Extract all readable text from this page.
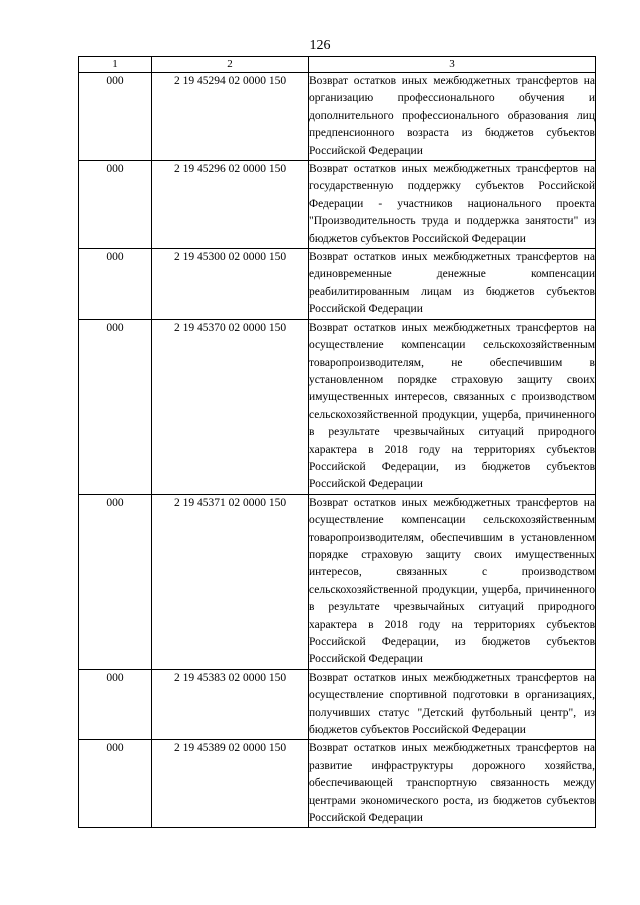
126
1	2	3
000	2 19 45294 02 0000 150	Возврат остатков иных межбюджетных трансфертов на организацию профессионального обучения и дополнительного профессионального образования лиц предпенсионного возраста из бюджетов субъектов Российской Федерации
000	2 19 45296 02 0000 150	Возврат остатков иных межбюджетных трансфертов на государственную поддержку субъектов Российской Федерации - участников национального проекта "Производительность труда и поддержка занятости" из бюджетов субъектов Российской Федерации
000	2 19 45300 02 0000 150	Возврат остатков иных межбюджетных трансфертов на единовременные денежные компенсации реабилитированным лицам из бюджетов субъектов Российской Федерации
000	2 19 45370 02 0000 150	Возврат остатков иных межбюджетных трансфертов на осуществление компенсации сельскохозяйственным товаропроизводителям, не обеспечившим в установленном порядке страховую защиту своих имущественных интересов, связанных с производством сельскохозяйственной продукции, ущерба, причиненного в результате чрезвычайных ситуаций природного характера в 2018 году на территориях субъектов Российской Федерации, из бюджетов субъектов Российской Федерации
000	2 19 45371 02 0000 150	Возврат остатков иных межбюджетных трансфертов на осуществление компенсации сельскохозяйственным товаропроизводителям, обеспечившим в установленном порядке страховую защиту своих имущественных интересов, связанных с производством сельскохозяйственной продукции, ущерба, причиненного в результате чрезвычайных ситуаций природного характера в 2018 году на территориях субъектов Российской Федерации, из бюджетов субъектов Российской Федерации
000	2 19 45383 02 0000 150	Возврат остатков иных межбюджетных трансфертов на осуществление спортивной подготовки в организациях, получивших статус "Детский футбольный центр", из бюджетов субъектов Российской Федерации
000	2 19 45389 02 0000 150	Возврат остатков иных межбюджетных трансфертов на развитие инфраструктуры дорожного хозяйства, обеспечивающей транспортную связанность между центрами экономического роста, из бюджетов субъектов Российской Федерации
